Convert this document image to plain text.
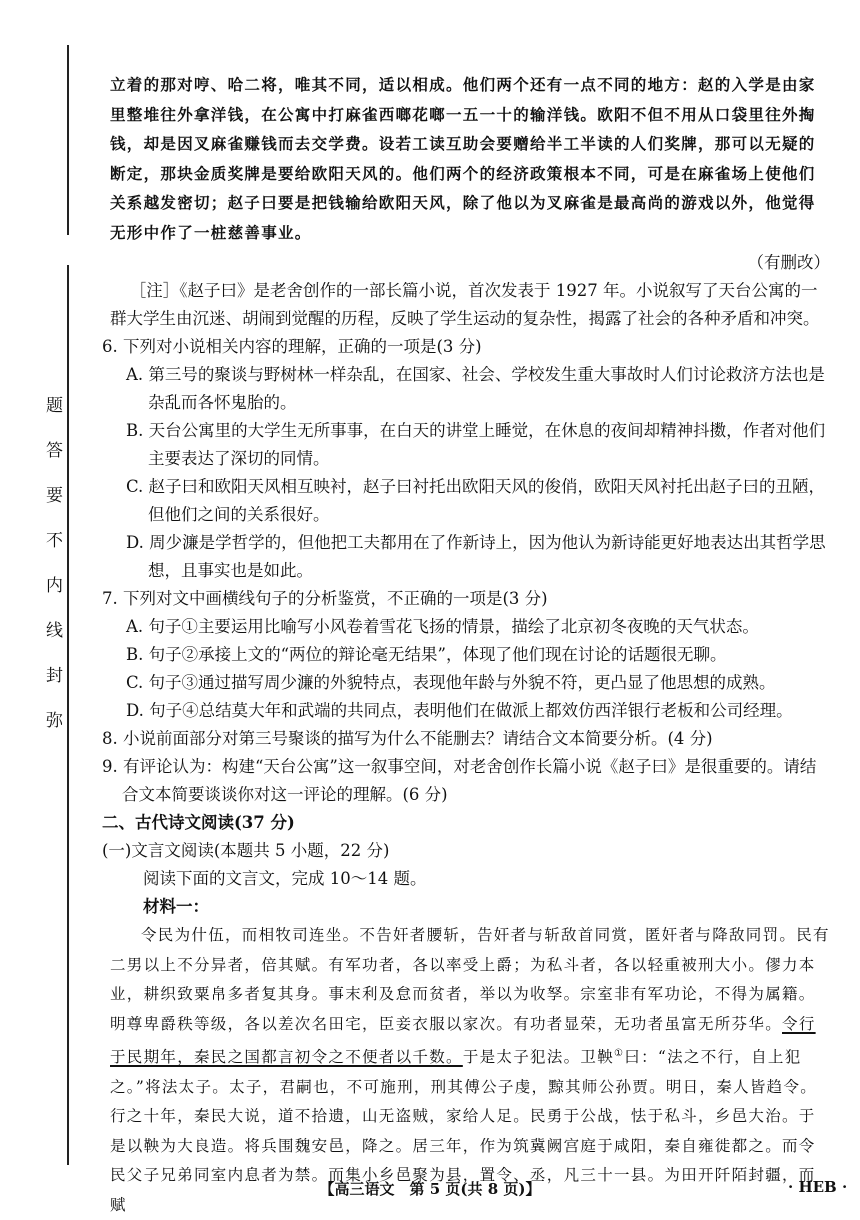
弥
封
线
内
不
要
答
题

立着的那对哼、哈二将，唯其不同，适以相成。他们两个还有一点不同的地方：赵的入学是由家里整堆往外拿洋钱，在公寓中打麻雀西啷花啷一五一十的输洋钱。欧阳不但不用从口袋里往外掏钱，却是因叉麻雀赚钱而去交学费。设若工读互助会要赠给半工半读的人们奖牌，那可以无疑的断定，那块金质奖牌是要给欧阳天风的。他们两个的经济政策根本不同，可是在麻雀场上使他们关系越发密切；赵子曰要是把钱输给欧阳天风，除了他以为叉麻雀是最高尚的游戏以外，他觉得无形中作了一桩慈善事业。

（有删改）

［注］《赵子曰》是老舍创作的一部长篇小说，首次发表于 1927 年。小说叙写了天台公寓的一群大学生由沉迷、胡闹到觉醒的历程，反映了学生运动的复杂性，揭露了社会的各种矛盾和冲突。

6. 下列对小说相关内容的理解，正确的一项是(3 分)

A. 第三号的聚谈与野树林一样杂乱，在国家、社会、学校发生重大事故时人们讨论救济方法也是杂乱而各怀鬼胎的。

B. 天台公寓里的大学生无所事事，在白天的讲堂上睡觉，在休息的夜间却精神抖擞，作者对他们主要表达了深切的同情。

C. 赵子曰和欧阳天风相互映衬，赵子曰衬托出欧阳天风的俊俏，欧阳天风衬托出赵子曰的丑陋，但他们之间的关系很好。

D. 周少濂是学哲学的，但他把工夫都用在了作新诗上，因为他认为新诗能更好地表达出其哲学思想，且事实也是如此。

7. 下列对文中画横线句子的分析鉴赏，不正确的一项是(3 分)

A. 句子①主要运用比喻写小风卷着雪花飞扬的情景，描绘了北京初冬夜晚的天气状态。

B. 句子②承接上文的“两位的辩论毫无结果”，体现了他们现在讨论的话题很无聊。

C. 句子③通过描写周少濂的外貌特点，表现他年龄与外貌不符，更凸显了他思想的成熟。

D. 句子④总结莫大年和武端的共同点，表明他们在做派上都效仿西洋银行老板和公司经理。

8. 小说前面部分对第三号聚谈的描写为什么不能删去？请结合文本简要分析。(4 分)

9. 有评论认为：构建“天台公寓”这一叙事空间，对老舍创作长篇小说《赵子曰》是很重要的。请结合文本简要谈谈你对这一评论的理解。(6 分)

二、古代诗文阅读(37 分)

(一)文言文阅读(本题共 5 小题，22 分)

阅读下面的文言文，完成 10～14 题。

材料一：

令民为什伍，而相牧司连坐。不告奸者腰斩，告奸者与斩敌首同赏，匿奸者与降敌同罚。民有二男以上不分异者，倍其赋。有军功者，各以率受上爵；为私斗者，各以轻重被刑大小。僇力本业，耕织致粟帛多者复其身。事末利及怠而贫者，举以为收孥。宗室非有军功论，不得为属籍。明尊卑爵秩等级，各以差次名田宅，臣妾衣服以家次。有功者显荣，无功者虽富无所芬华。令行于民期年，秦民之国都言初令之不便者以千数。于是太子犯法。卫鞅①曰：“法之不行，自上犯之。”将法太子。太子，君嗣也，不可施刑，刑其傅公子虔，黥其师公孙贾。明日，秦人皆趋令。行之十年，秦民大说，道不拾遗，山无盗贼，家给人足。民勇于公战，怯于私斗，乡邑大治。于是以鞅为大良造。将兵围魏安邑，降之。居三年，作为筑冀阙宫庭于咸阳，秦自雍徙都之。而令民父子兄弟同室内息者为禁。而集小乡邑聚为县，置令、丞，凡三十一县。为田开阡陌封疆，而赋

【高三语文　第 5 页(共 8 页)】	· HEB ·
